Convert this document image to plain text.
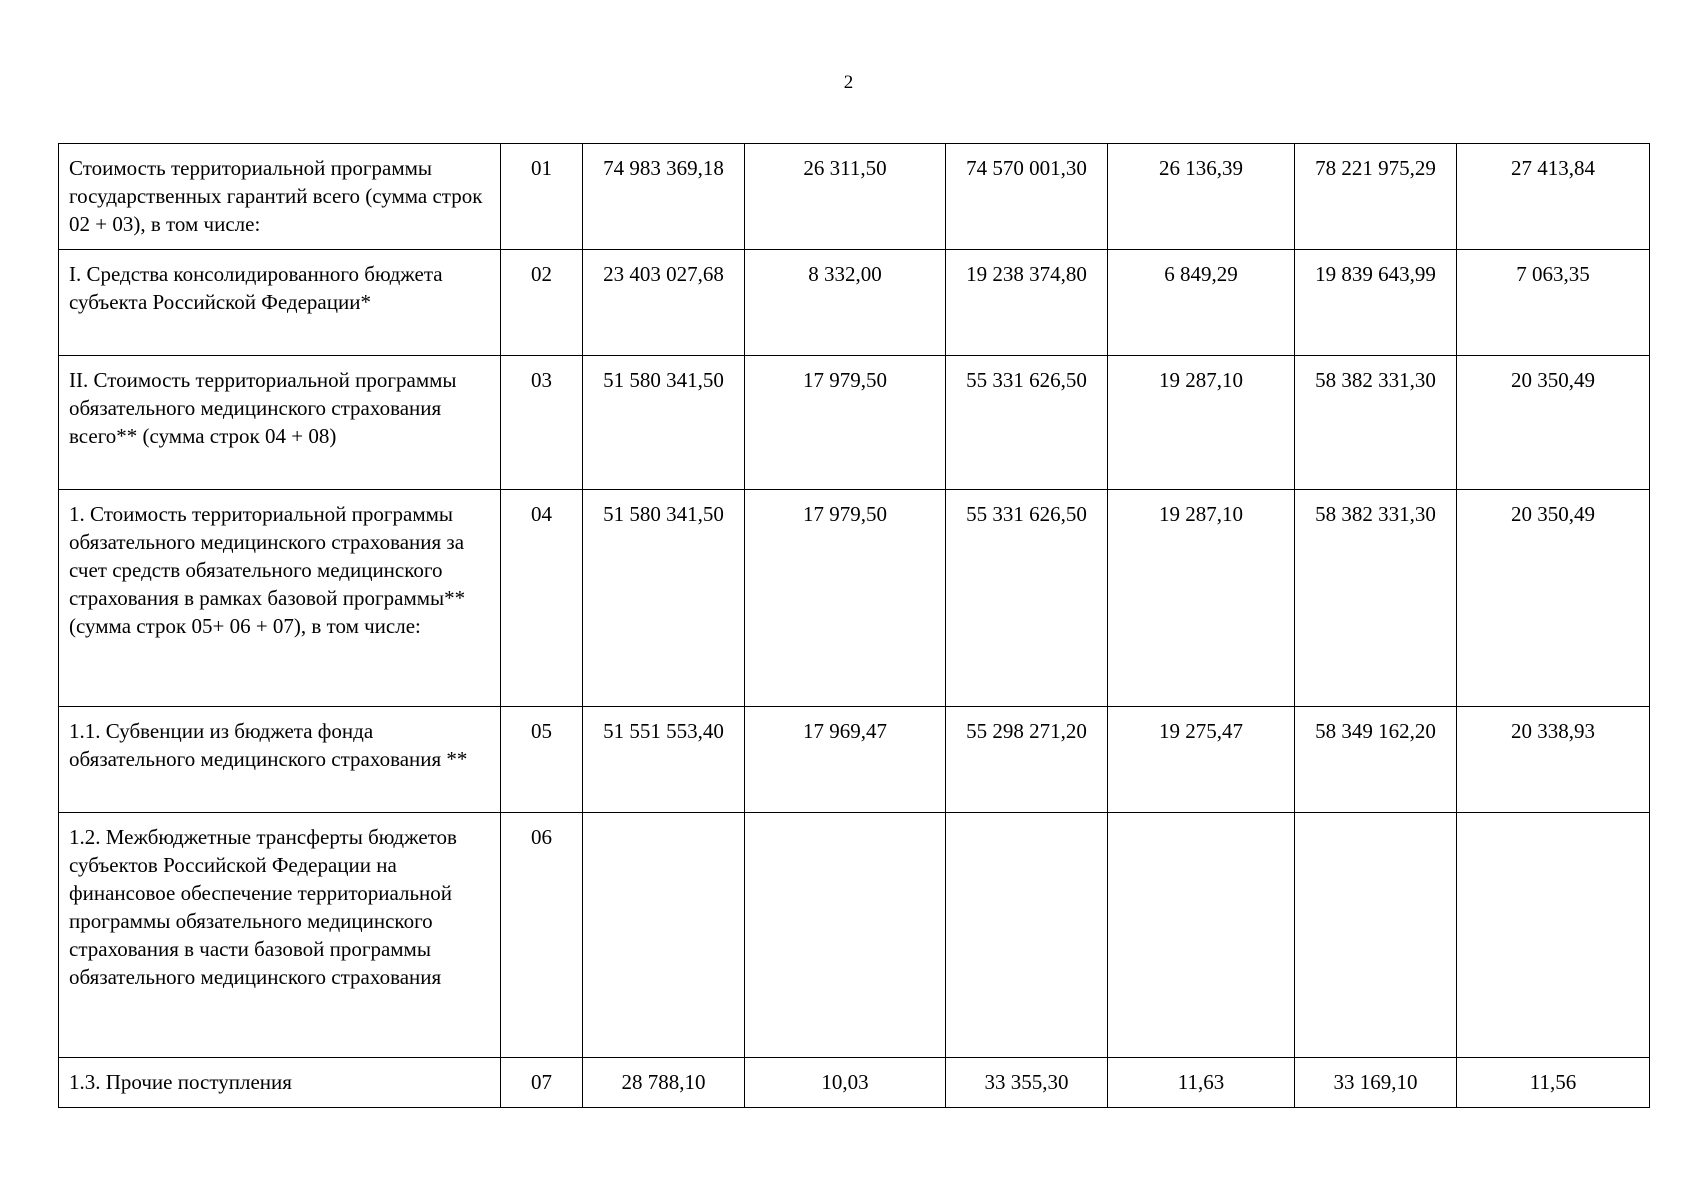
2
Стоимость территориальной программы государственных гарантий всего (сумма строк 02 + 03), в том числе:	01	74 983 369,18	26 311,50	74 570 001,30	26 136,39	78 221 975,29	27 413,84
I. Средства консолидированного бюджета субъекта Российской Федерации*	02	23 403 027,68	8 332,00	19 238 374,80	6 849,29	19 839 643,99	7 063,35
II. Стоимость территориальной программы обязательного медицинского страхования всего** (сумма строк 04 + 08)	03	51 580 341,50	17 979,50	55 331 626,50	19 287,10	58 382 331,30	20 350,49
1. Стоимость территориальной программы обязательного медицинского страхования за счет средств обязательного медицинского страхования в рамках базовой программы** (сумма строк 05+ 06 + 07), в том числе:	04	51 580 341,50	17 979,50	55 331 626,50	19 287,10	58 382 331,30	20 350,49
1.1. Субвенции из бюджета фонда обязательного медицинского страхования **	05	51 551 553,40	17 969,47	55 298 271,20	19 275,47	58 349 162,20	20 338,93
1.2. Межбюджетные трансферты бюджетов субъектов Российской Федерации на финансовое обеспечение территориальной программы обязательного медицинского страхования в части базовой программы обязательного медицинского страхования	06						
1.3. Прочие поступления	07	28 788,10	10,03	33 355,30	11,63	33 169,10	11,56
